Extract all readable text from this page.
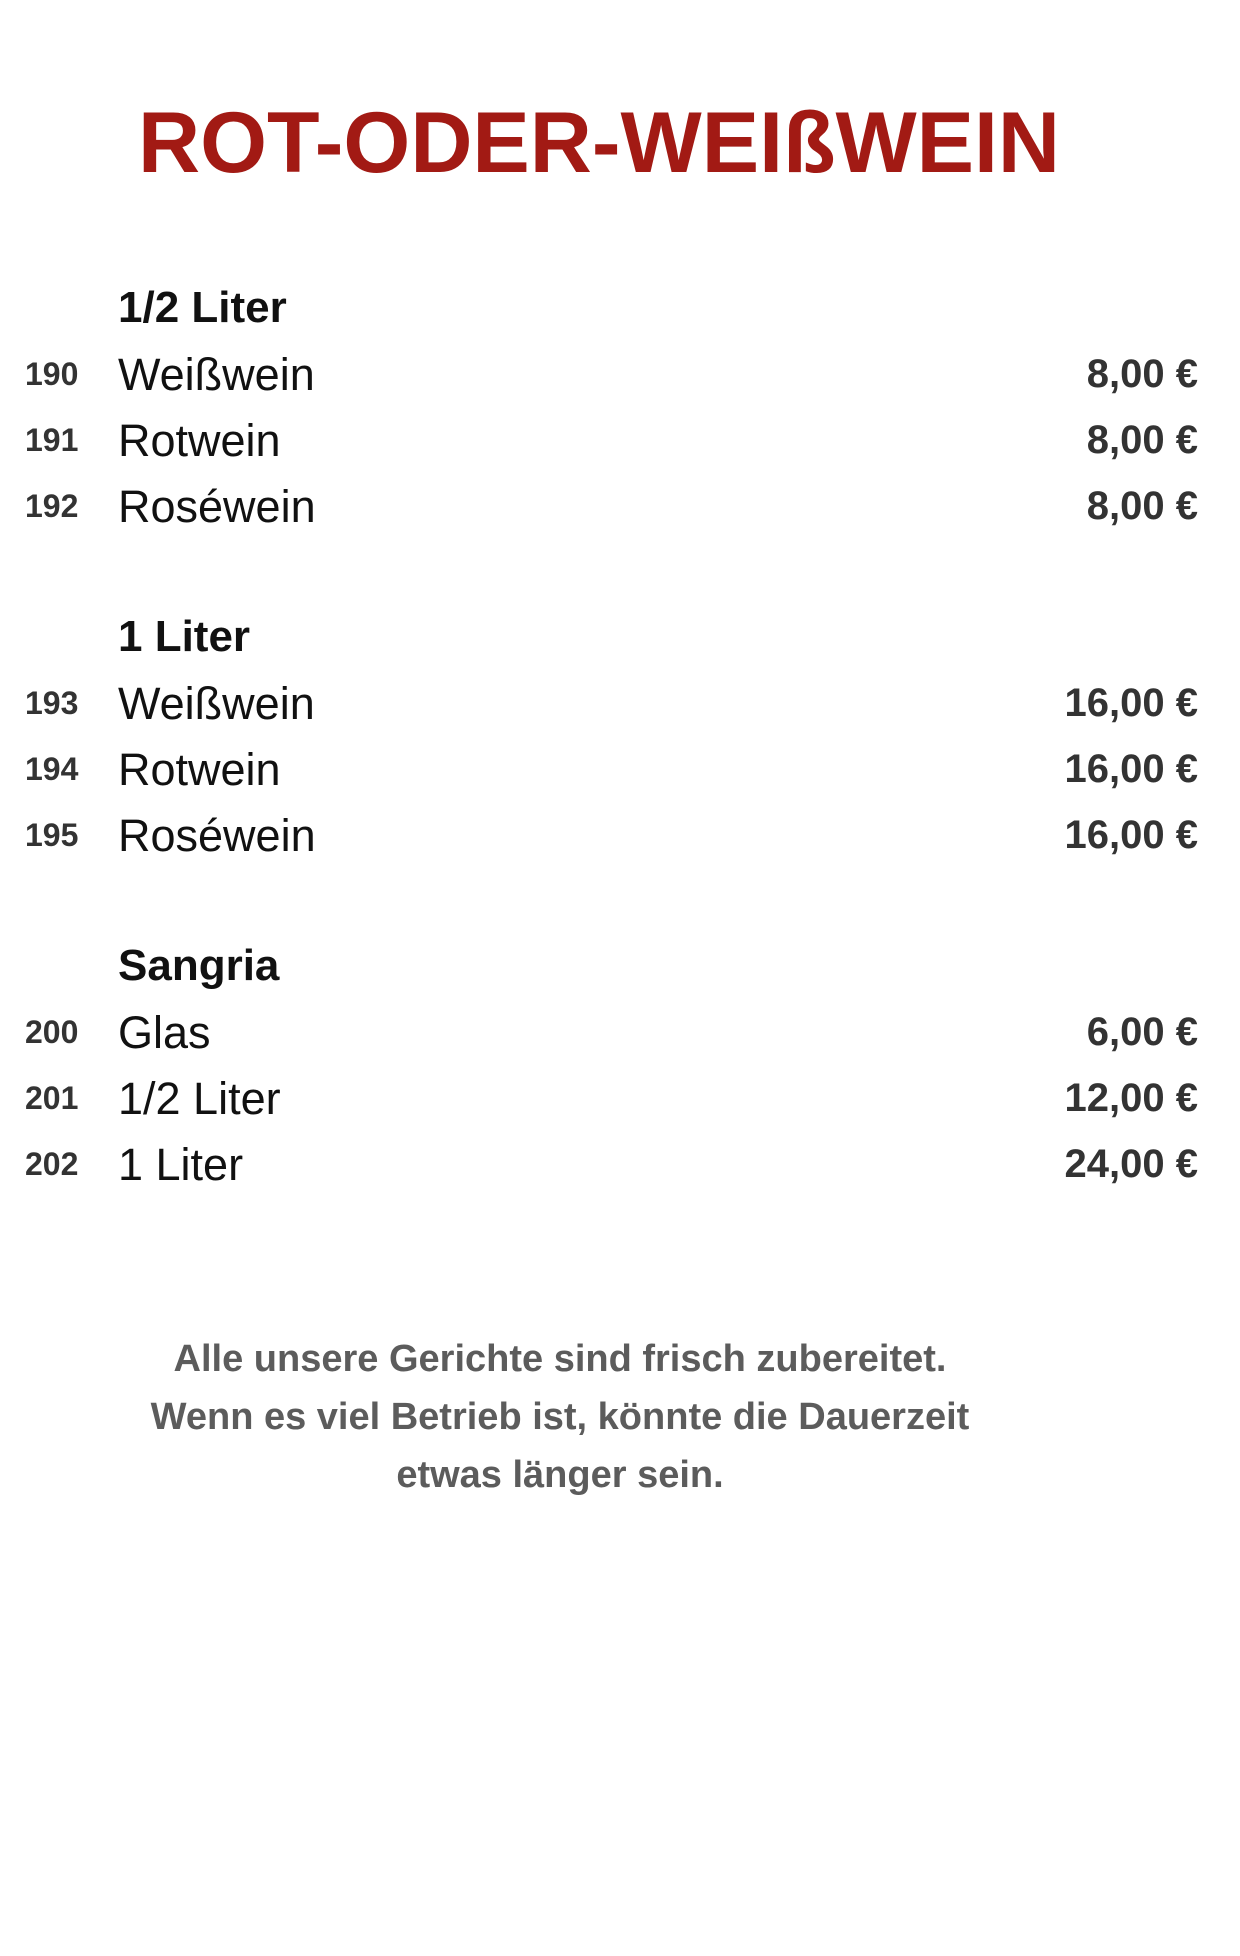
ROT-ODER-WEIßWEIN
1/2 Liter
190 Weißwein	8,00 €
191 Rotwein	8,00 €
192 Roséwein	8,00 €
1 Liter
193 Weißwein	16,00 €
194 Rotwein	16,00 €
195 Roséwein	16,00 €
Sangria
200 Glas	6,00 €
201 1/2 Liter	12,00 €
202 1 Liter	24,00 €
Alle unsere Gerichte sind frisch zubereitet.
Wenn es viel Betrieb ist, könnte die Dauerzeit
etwas länger sein.
